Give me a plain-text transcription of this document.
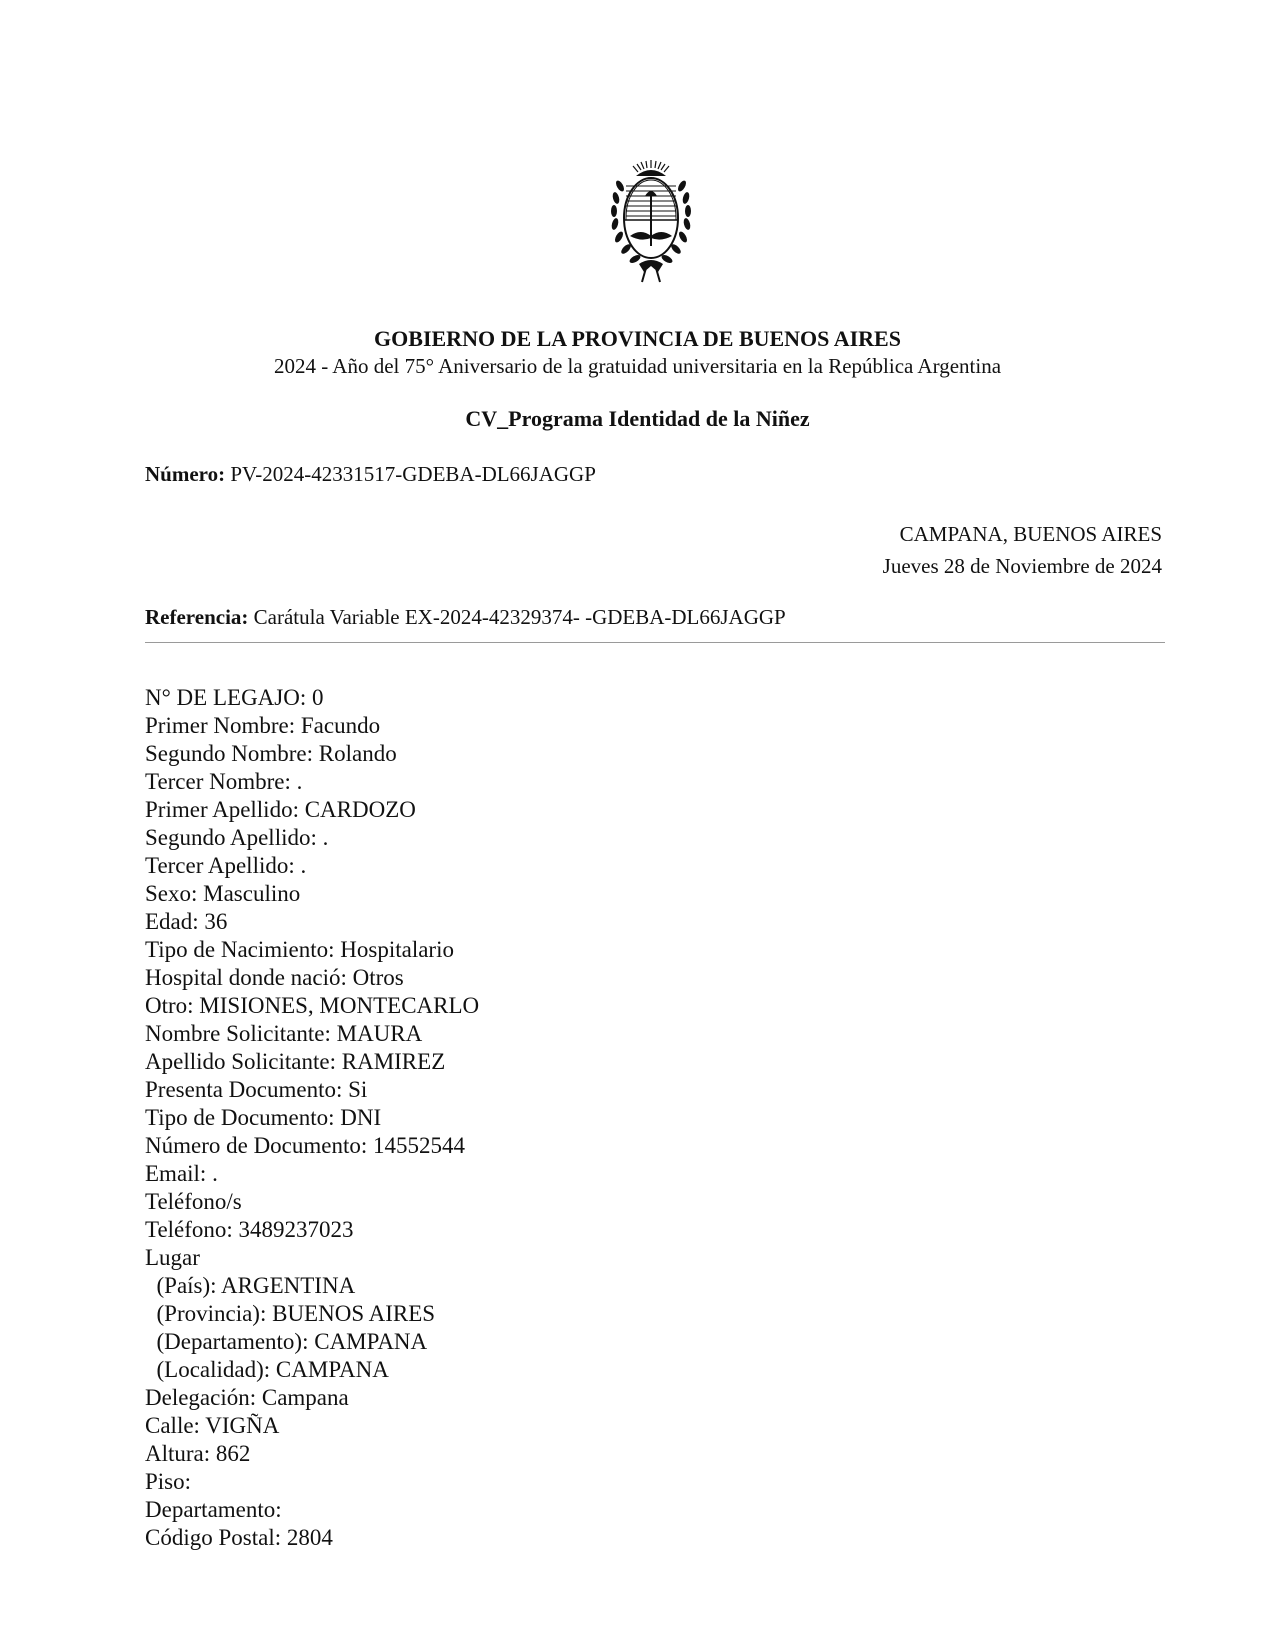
GOBIERNO DE LA PROVINCIA DE BUENOS AIRES
2024 - Año del 75° Aniversario de la gratuidad universitaria en la República Argentina
CV_Programa Identidad de la Niñez
Número: PV-2024-42331517-GDEBA-DL66JAGGP
CAMPANA, BUENOS AIRES
Jueves 28 de Noviembre de 2024
Referencia: Carátula Variable EX-2024-42329374- -GDEBA-DL66JAGGP
N° DE LEGAJO: 0
Primer Nombre: Facundo
Segundo Nombre: Rolando
Tercer Nombre: .
Primer Apellido: CARDOZO
Segundo Apellido: .
Tercer Apellido: .
Sexo: Masculino
Edad: 36
Tipo de Nacimiento: Hospitalario
Hospital donde nació: Otros
Otro: MISIONES, MONTECARLO
Nombre Solicitante: MAURA
Apellido Solicitante: RAMIREZ
Presenta Documento: Si
Tipo de Documento: DNI
Número de Documento: 14552544
Email: .
Teléfono/s
Teléfono: 3489237023
Lugar
(País): ARGENTINA
(Provincia): BUENOS AIRES
(Departamento): CAMPANA
(Localidad): CAMPANA
Delegación: Campana
Calle: VIGÑA
Altura: 862
Piso:
Departamento:
Código Postal: 2804
